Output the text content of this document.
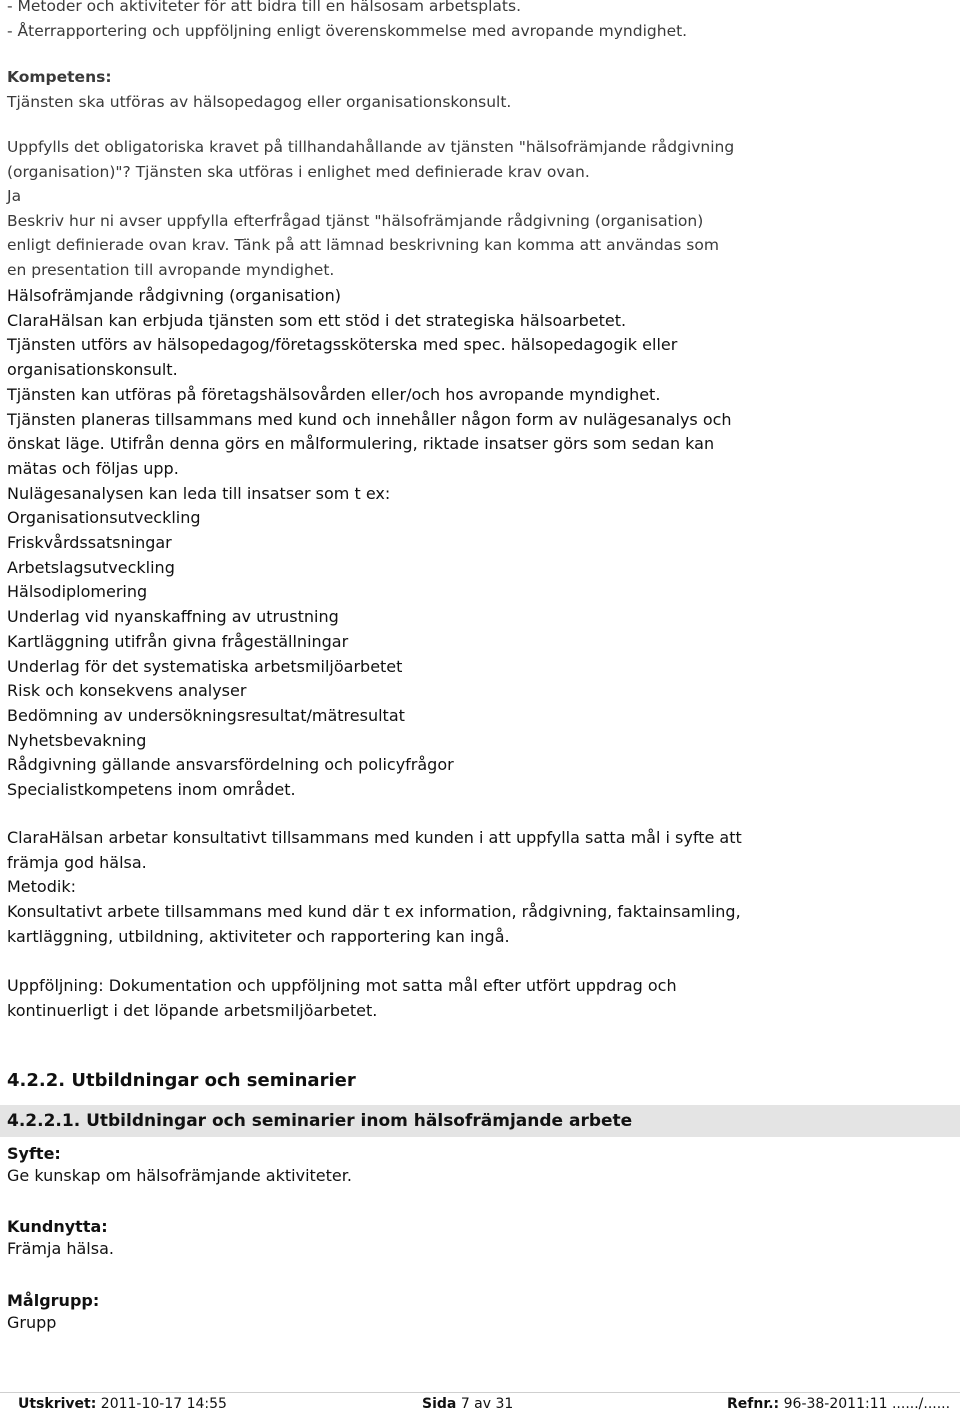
- Metoder och aktiviteter för att bidra till en hälsosam arbetsplats.
- Återrapportering och uppföljning enligt överenskommelse med avropande myndighet.
Kompetens:
Tjänsten ska utföras av hälsopedagog eller organisationskonsult.
Uppfylls det obligatoriska kravet på tillhandahållande av tjänsten "hälsofrämjande rådgivning
(organisation)"? Tjänsten ska utföras i enlighet med definierade krav ovan.
Ja
Beskriv hur ni avser uppfylla efterfrågad tjänst "hälsofrämjande rådgivning (organisation)
enligt definierade ovan krav. Tänk på att lämnad beskrivning kan komma att användas som
en presentation till avropande myndighet.
Hälsofrämjande rådgivning (organisation)
ClaraHälsan kan erbjuda tjänsten som ett stöd i det strategiska hälsoarbetet.
Tjänsten utförs av hälsopedagog/företagssköterska med spec. hälsopedagogik eller
organisationskonsult.
Tjänsten kan utföras på företagshälsovården eller/och hos avropande myndighet.
Tjänsten planeras tillsammans med kund och innehåller någon form av nulägesanalys och
önskat läge. Utifrån denna görs en målformulering, riktade insatser görs som sedan kan
mätas och följas upp.
Nulägesanalysen kan leda till insatser som t ex:
Organisationsutveckling
Friskvårdssatsningar
Arbetslagsutveckling
Hälsodiplomering
Underlag vid nyanskaffning av utrustning
Kartläggning utifrån givna frågeställningar
Underlag för det systematiska arbetsmiljöarbetet
Risk och konsekvens analyser
Bedömning av undersökningsresultat/mätresultat
Nyhetsbevakning
Rådgivning gällande ansvarsfördelning och policyfrågor
Specialistkompetens inom området.
ClaraHälsan arbetar konsultativt tillsammans med kunden i att uppfylla satta mål i syfte att
främja god hälsa.
Metodik:
Konsultativt arbete tillsammans med kund där t ex information, rådgivning, faktainsamling,
kartläggning, utbildning, aktiviteter och rapportering kan ingå.
Uppföljning: Dokumentation och uppföljning mot satta mål efter utfört uppdrag och
kontinuerligt i det löpande arbetsmiljöarbetet.
Syfte:
Ge kunskap om hälsofrämjande aktiviteter.
Kundnytta:
Främja hälsa.
Målgrupp:
Grupp
4.2.2. Utbildningar och seminarier
4.2.2.1. Utbildningar och seminarier inom hälsofrämjande arbete
Utskrivet: 2011-10-17 14:55	Sida 7 av 31	Refnr.: 96-38-2011:11 ....../......
